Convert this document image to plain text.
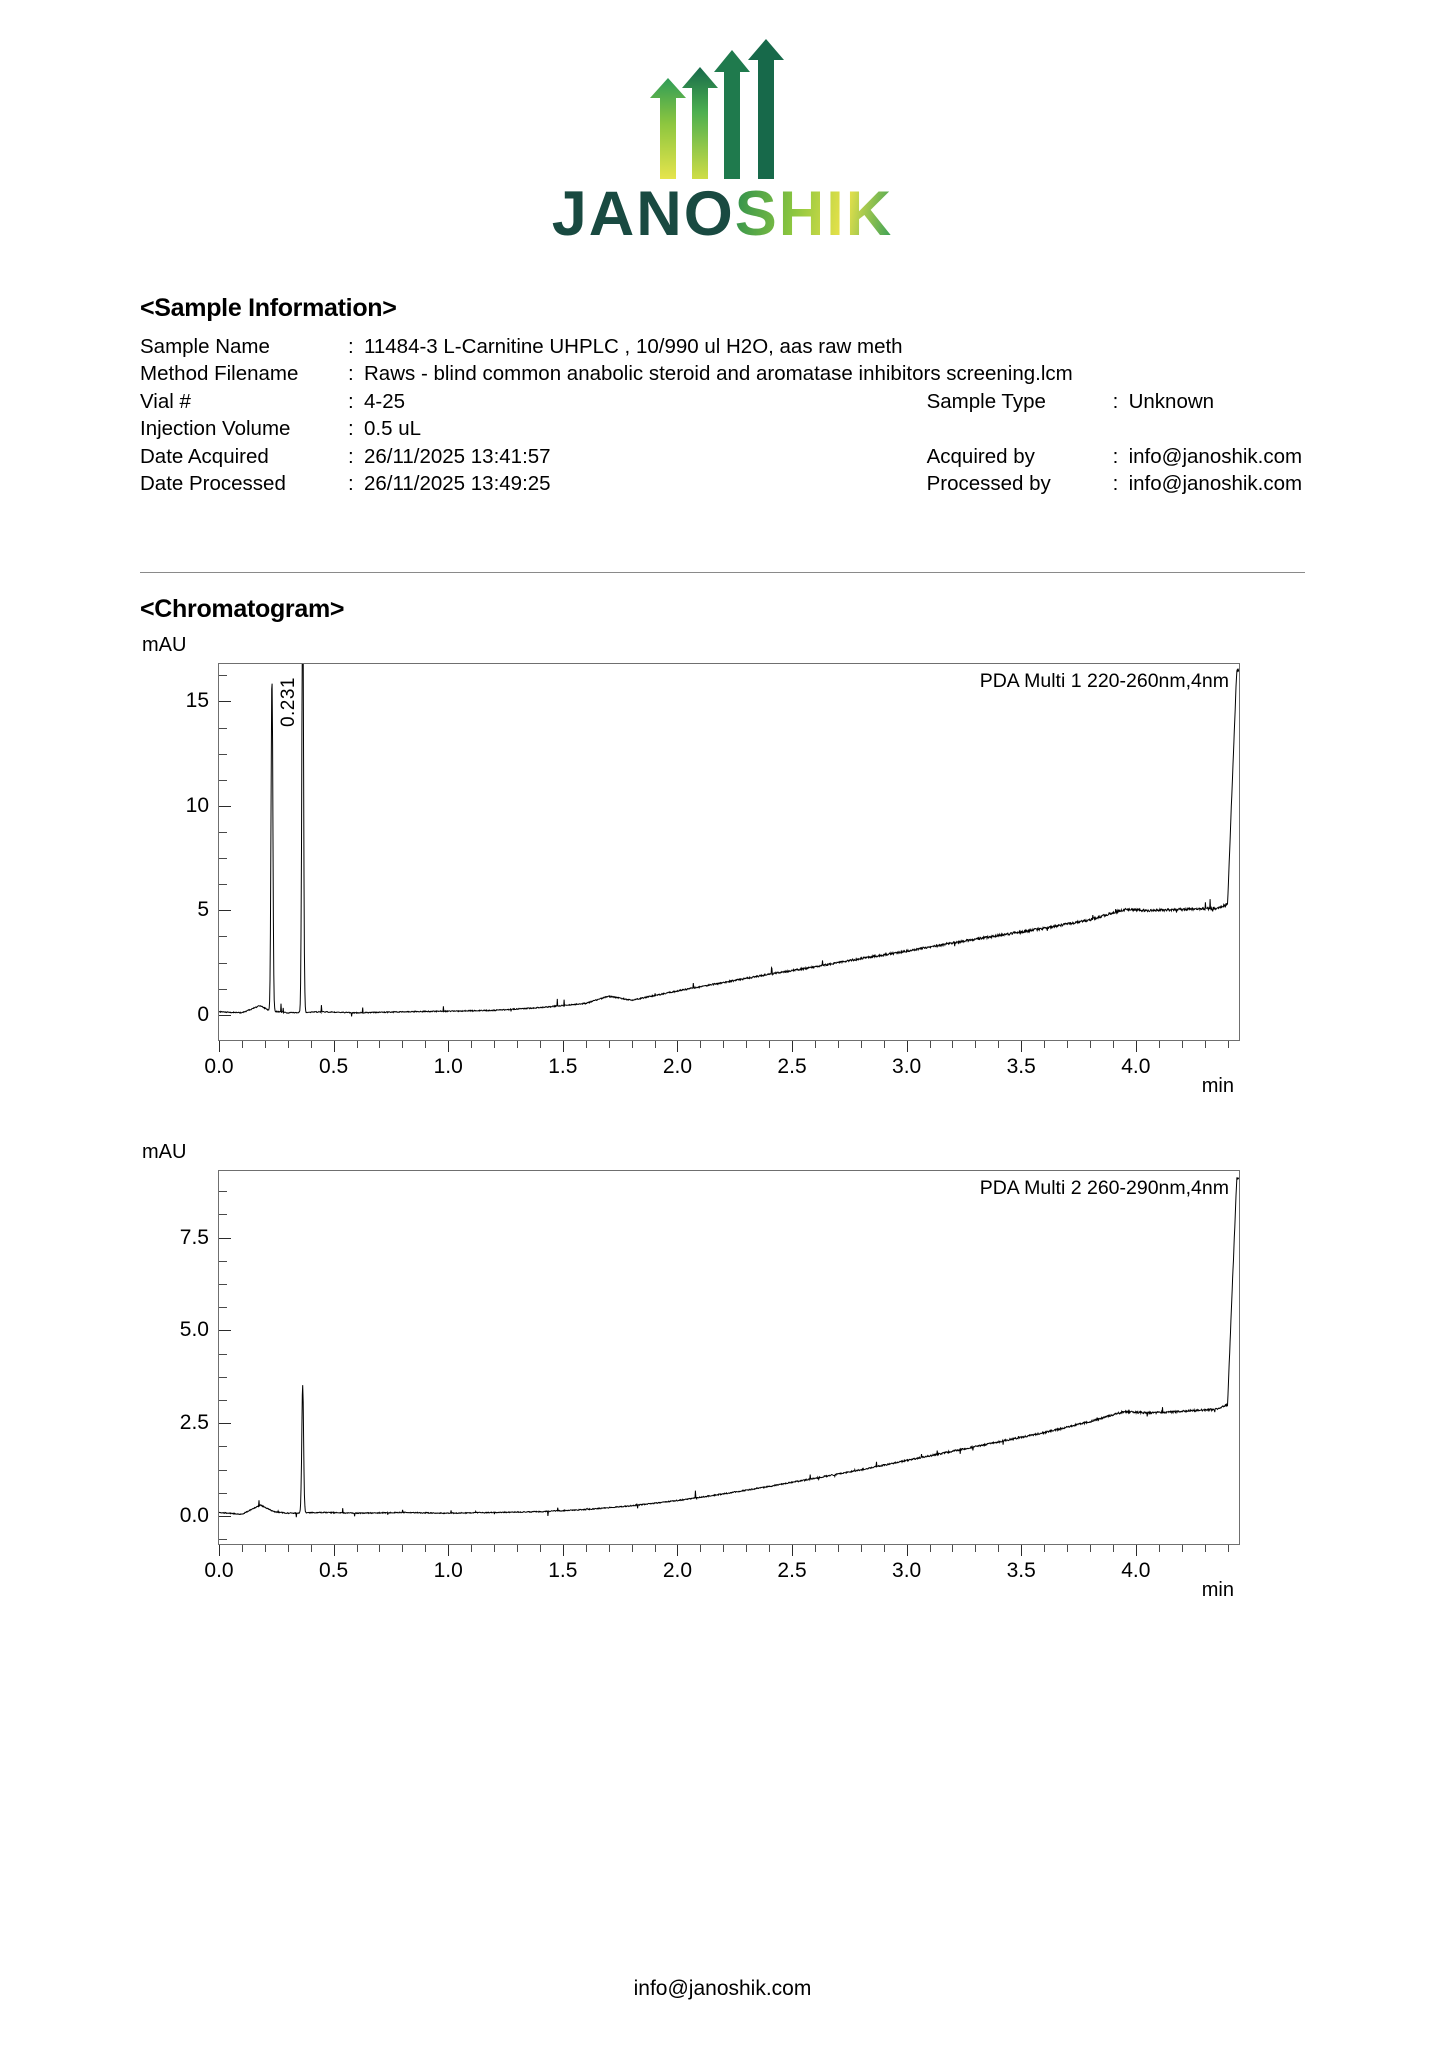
JANOSHIK
<Sample Information>
Sample Name	:	11484-3 L-Carnitine UHPLC , 10/990 ul H2O, aas raw meth			
Method Filename	:	Raws - blind common anabolic steroid and aromatase inhibitors screening.lcm			
Vial #	:	4-25	Sample Type	:	Unknown
Injection Volume	:	0.5 uL			
Date Acquired	:	26/11/2025 13:41:57	Acquired by	:	info@janoshik.com
Date Processed	:	26/11/2025 13:49:25	Processed by	:	info@janoshik.com
<Chromatogram>
mAU
0
5
10
15
PDA Multi 1 220-260nm,4nm
0.231
0.0	0.5	1.0	1.5	2.0	2.5	3.0	3.5	4.0
min
mAU
0.0
2.5
5.0
7.5
PDA Multi 2 260-290nm,4nm
0.0	0.5	1.0	1.5	2.0	2.5	3.0	3.5	4.0
min
info@janoshik.com
